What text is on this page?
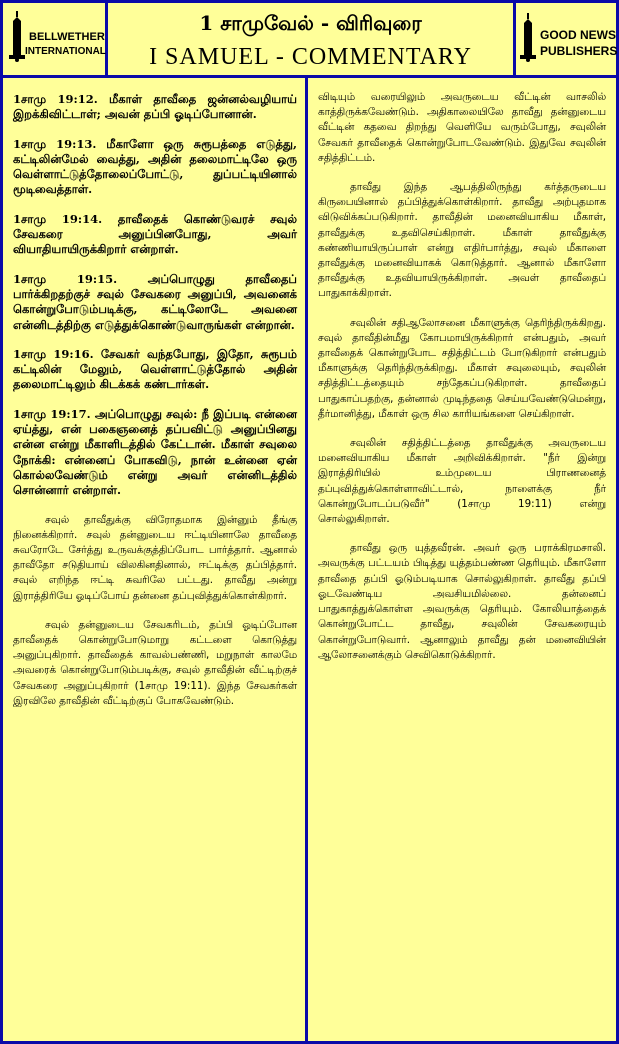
BELLWETHER
INTERNATIONAL
1 சாமுவேல் - விரிவுரை
I SAMUEL - COMMENTARY
GOOD NEWS
PUBLISHERS

1சாமு 19:12. மீகாள் தாவீதை ஜன்னல்வழியாய் இறக்கிவிட்டாள்; அவன் தப்பி ஓடிப்போனான்.

1சாமு 19:13. மீகாளோ ஒரு சுரூபத்தை எடுத்து, கட்டிலின்மேல் வைத்து, அதின் தலைமாட்டிலே ஒரு வெள்ளாட்டுத்தோலைப்போட்டு, துப்பட்டியினால் மூடிவைத்தாள்.

1சாமு 19:14. தாவீதைக் கொண்டுவரச் சவுல் சேவகரை அனுப்பினபோது, அவர் வியாதியாயிருக்கிறார் என்றாள்.

1சாமு 19:15. அப்பொழுது தாவீதைப் பார்க்கிறதற்குச் சவுல் சேவகரை அனுப்பி, அவனைக் கொன்றுபோடும்படிக்கு, கட்டிலோடே அவனை என்னிடத்திற்கு எடுத்துக்கொண்டுவாருங்கள் என்றான்.

1சாமு 19:16. சேவகர் வந்தபோது, இதோ, சுரூபம் கட்டிலின் மேலும், வெள்ளாட்டுத்தோல் அதின் தலைமாட்டிலும் கிடக்கக் கண்டார்கள்.

1சாமு 19:17. அப்பொழுது சவுல்: நீ இப்படி என்னை ஏய்த்து, என் பகைஞனைத் தப்பவிட்டு அனுப்பினது என்ன என்று மீகாளிடத்தில் கேட்டான். மீகாள் சவுலை நோக்கி: என்னைப் போகவிடு, நான் உன்னை ஏன் கொல்லவேண்டும் என்று அவர் என்னிடத்தில் சொன்னார் என்றாள்.

சவுல் தாவீதுக்கு விரோதமாக இன்னும் தீங்கு நினைக்கிறார். சவுல் தன்னுடைய ஈட்டியினாலே தாவீதை சுவரோடே சேர்த்து உருவக்குத்திப்போட பார்த்தார். ஆனால் தாவீதோ சடுதியாய் விலகினதினால், ஈட்டிக்கு தப்பித்தார். சவுல் எறிந்த ஈட்டி சுவரிலே பட்டது. தாவீது அன்று இராத்திரியே ஓடிப்போய் தன்னை தப்புவித்துக்கொள்கிறார்.

சவுல் தன்னுடைய சேவகரிடம், தப்பி ஓடிப்போன தாவீதைக் கொன்றுபோடுமாறு கட்டளை கொடுத்து அனுப்புகிறார். தாவீதைக் காவல்பண்ணி, மறுநாள் காலமே அவரைக் கொன்றுபோடும்படிக்கு, சவுல் தாவீதின் வீட்டிற்குச் சேவகரை அனுப்புகிறார் (1சாமு 19:11). இந்த சேவகர்கள் இரவிலே தாவீதின் வீட்டிற்குப் போகவேண்டும்.

விடியும் வரையிலும் அவருடைய வீட்டின் வாசலில் காத்திருக்கவேண்டும். அதிகாலையிலே தாவீது தன்னுடைய வீட்டின் கதவை திறந்து வெளியே வரும்போது, சவுலின் சேவகர் தாவீதைக் கொன்றுபோடவேண்டும். இதுவே சவுலின் சதித்திட்டம்.

தாவீது இந்த ஆபத்திலிருந்து கர்த்தருடைய கிருபையினால் தப்பித்துக்கொள்கிறார். தாவீது அற்புதமாக விடுவிக்கப்படுகிறார். தாவீதின் மனைவியாகிய மீகாள், தாவீதுக்கு உதவிசெய்கிறாள். மீகாள் தாவீதுக்கு கண்ணியாயிருப்பாள் என்று எதிர்பார்த்து, சவுல் மீகாளை தாவீதுக்கு மனைவியாகக் கொடுத்தார். ஆனால் மீகாளோ தாவீதுக்கு உதவியாயிருக்கிறாள். அவள் தாவீதைப் பாதுகாக்கிறாள்.

சவுலின் சதிஆலோசனை மீகாளுக்கு தெரிந்திருக்கிறது. சவுல் தாவீதின்மீது கோபமாயிருக்கிறார் என்பதும், அவர் தாவீதைக் கொன்றுபோட சதித்திட்டம் போடுகிறார் என்பதும் மீகாளுக்கு தெரிந்திருக்கிறது. மீகாள் சவுலையும், சவுலின் சதித்திட்டத்தையும் சந்தேகப்படுகிறாள். தாவீதைப் பாதுகாப்பதற்கு, தன்னால் முடிந்ததை செய்யவேண்டுமென்று, தீர்மானித்து, மீகாள் ஒரு சில காரியங்களை செய்கிறாள்.

சவுலின் சதித்திட்டத்தை தாவீதுக்கு அவருடைய மனைவியாகிய மீகாள் அறிவிக்கிறாள். "நீர் இன்று இராத்திரியில் உம்முடைய பிராணனைத் தப்புவித்துக்கொள்ளாவிட்டால், நாளைக்கு நீர் கொன்றுபோடப்படுவீர்" (1சாமு 19:11) என்று சொல்லுகிறாள்.

தாவீது ஒரு யுத்தவீரன். அவர் ஒரு பராக்கிரமசாலி. அவருக்கு பட்டயம் பிடித்து யுத்தம்பண்ண தெரியும். மீகாளோ தாவீதை தப்பி ஓடும்படியாக சொல்லுகிறாள். தாவீது தப்பி ஓடவேண்டிய அவசியமில்லை. தன்னைப் பாதுகாத்துக்கொள்ள அவருக்கு தெரியும். கோலியாத்தைக் கொன்றுபோட்ட தாவீது, சவுலின் சேவகரையும் கொன்றுபோடுவார். ஆனாலும் தாவீது தன் மனைவியின் ஆலோசனைக்கும் செவிகொடுக்கிறார்.
